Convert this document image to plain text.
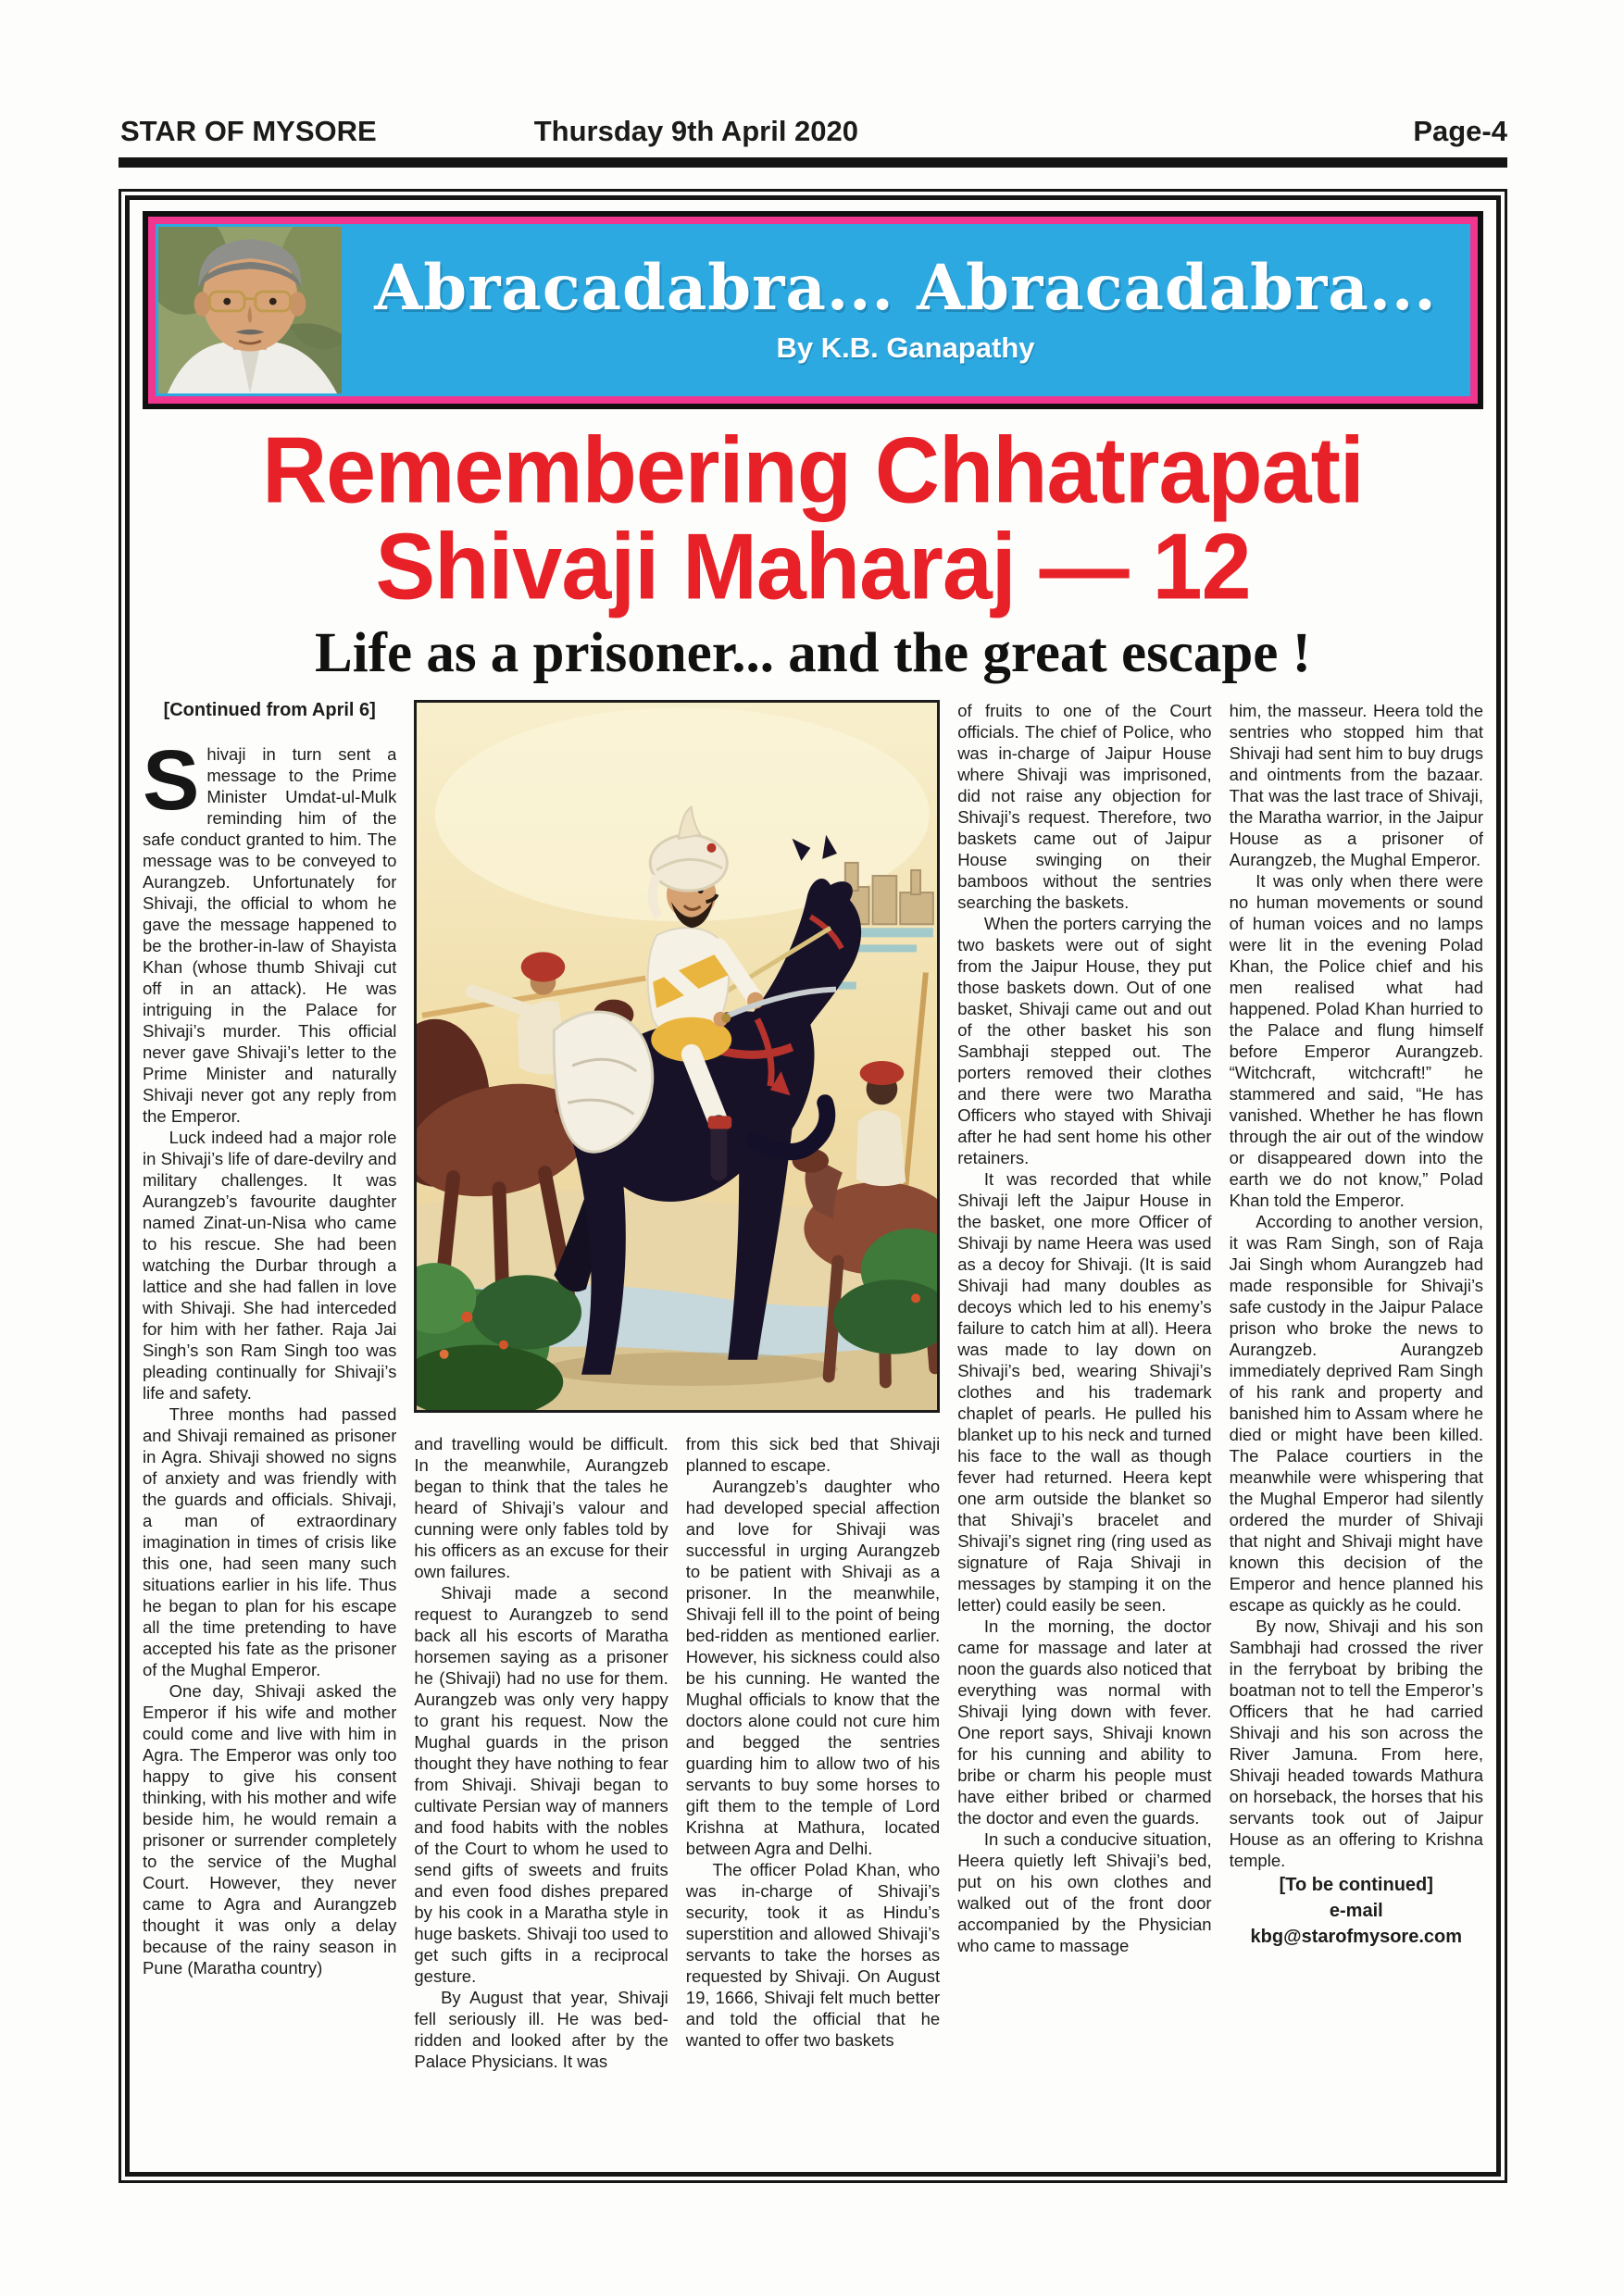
STAR OF MYSORE	Thursday 9th April 2020	Page-4
Abracadabra... Abracadabra...
By K.B. Ganapathy
Remembering Chhatrapati
Shivaji Maharaj — 12
Life as a prisoner... and the great escape !

[Continued from April 6]

Shivaji in turn sent a message to the Prime Minister Umdat-ul-Mulk reminding him of the safe conduct granted to him. The message was to be conveyed to Aurangzeb. Unfortunately for Shivaji, the official to whom he gave the message happened to be the brother-in-law of Shayista Khan (whose thumb Shivaji cut off in an attack). He was intriguing in the Palace for Shivaji’s murder. This official never gave Shivaji’s letter to the Prime Minister and naturally Shivaji never got any reply from the Emperor.

Luck indeed had a major role in Shivaji’s life of dare-devilry and military challenges. It was Aurangzeb’s favourite daughter named Zinat-un-Nisa who came to his rescue. She had been watching the Durbar through a lattice and she had fallen in love with Shivaji. She had interceded for him with her father. Raja Jai Singh’s son Ram Singh too was pleading continually for Shivaji’s life and safety.

Three months had passed and Shivaji remained as prisoner in Agra. Shivaji showed no signs of anxiety and was friendly with the guards and officials. Shivaji, a man of extraordinary imagination in times of crisis like this one, had seen many such situations earlier in his life. Thus he began to plan for his escape all the time pretending to have accepted his fate as the prisoner of the Mughal Emperor.

One day, Shivaji asked the Emperor if his wife and mother could come and live with him in Agra. The Emperor was only too happy to give his consent thinking, with his mother and wife beside him, he would remain a prisoner or surrender completely to the service of the Mughal Court. However, they never came to Agra and Aurangzeb thought it was only a delay because of the rainy season in Pune (Maratha country)

and travelling would be difficult. In the meanwhile, Aurangzeb began to think that the tales he heard of Shivaji’s valour and cunning were only fables told by his officers as an excuse for their own failures.

Shivaji made a second request to Aurangzeb to send back all his escorts of Maratha horsemen saying as a prisoner he (Shivaji) had no use for them. Aurangzeb was only very happy to grant his request. Now the Mughal guards in the prison thought they have nothing to fear from Shivaji. Shivaji began to cultivate Persian way of manners and food habits with the nobles of the Court to whom he used to send gifts of sweets and fruits and even food dishes prepared by his cook in a Maratha style in huge baskets. Shivaji too used to get such gifts in a reciprocal gesture.

By August that year, Shivaji fell seriously ill. He was bed-ridden and looked after by the Palace Physicians. It was

from this sick bed that Shivaji planned to escape.

Aurangzeb’s daughter who had developed special affection and love for Shivaji was successful in urging Aurangzeb to be patient with Shivaji as a prisoner. In the meanwhile, Shivaji fell ill to the point of being bed-ridden as mentioned earlier. However, his sickness could also be his cunning. He wanted the Mughal officials to know that the doctors alone could not cure him and begged the sentries guarding him to allow two of his servants to buy some horses to gift them to the temple of Lord Krishna at Mathura, located between Agra and Delhi.

The officer Polad Khan, who was in-charge of Shivaji’s security, took it as Hindu’s superstition and allowed Shivaji’s servants to take the horses as requested by Shivaji. On August 19, 1666, Shivaji felt much better and told the official that he wanted to offer two baskets

of fruits to one of the Court officials. The chief of Police, who was in-charge of Jaipur House where Shivaji was imprisoned, did not raise any objection for Shivaji’s request. Therefore, two baskets came out of Jaipur House swinging on their bamboos without the sentries searching the baskets.

When the porters carrying the two baskets were out of sight from the Jaipur House, they put those baskets down. Out of one basket, Shivaji came out and out of the other basket his son Sambhaji stepped out. The porters removed their clothes and there were two Maratha Officers who stayed with Shivaji after he had sent home his other retainers.

It was recorded that while Shivaji left the Jaipur House in the basket, one more Officer of Shivaji by name Heera was used as a decoy for Shivaji. (It is said Shivaji had many doubles as decoys which led to his enemy’s failure to catch him at all). Heera was made to lay down on Shivaji’s bed, wearing Shivaji’s clothes and his trademark chaplet of pearls. He pulled his blanket up to his neck and turned his face to the wall as though fever had returned. Heera kept one arm outside the blanket so that Shivaji’s bracelet and Shivaji’s signet ring (ring used as signature of Raja Shivaji in messages by stamping it on the letter) could easily be seen.

In the morning, the doctor came for massage and later at noon the guards also noticed that everything was normal with Shivaji lying down with fever. One report says, Shivaji known for his cunning and ability to bribe or charm his people must have either bribed or charmed the doctor and even the guards.

In such a conducive situation, Heera quietly left Shivaji’s bed, put on his own clothes and walked out of the front door accompanied by the Physician who came to massage

him, the masseur. Heera told the sentries who stopped him that Shivaji had sent him to buy drugs and ointments from the bazaar. That was the last trace of Shivaji, the Maratha warrior, in the Jaipur House as a prisoner of Aurangzeb, the Mughal Emperor.

It was only when there were no human movements or sound of human voices and no lamps were lit in the evening Polad Khan, the Police chief and his men realised what had happened. Polad Khan hurried to the Palace and flung himself before Emperor Aurangzeb. “Witchcraft, witchcraft!” he stammered and said, “He has vanished. Whether he has flown through the air out of the window or disappeared down into the earth we do not know,” Polad Khan told the Emperor.

According to another version, it was Ram Singh, son of Raja Jai Singh whom Aurangzeb had made responsible for Shivaji’s safe custody in the Jaipur Palace prison who broke the news to Aurangzeb. Aurangzeb immediately deprived Ram Singh of his rank and property and banished him to Assam where he died or might have been killed. The Palace courtiers in the meanwhile were whispering that the Mughal Emperor had silently ordered the murder of Shivaji that night and Shivaji might have known this decision of the Emperor and hence planned his escape as quickly as he could.

By now, Shivaji and his son Sambhaji had crossed the river in the ferryboat by bribing the boatman not to tell the Emperor’s Officers that he had carried Shivaji and his son across the River Jamuna. From here, Shivaji headed towards Mathura on horseback, the horses that his servants took out of Jaipur House as an offering to Krishna temple.

[To be continued]

e-mail

kbg@starofmysore.com
